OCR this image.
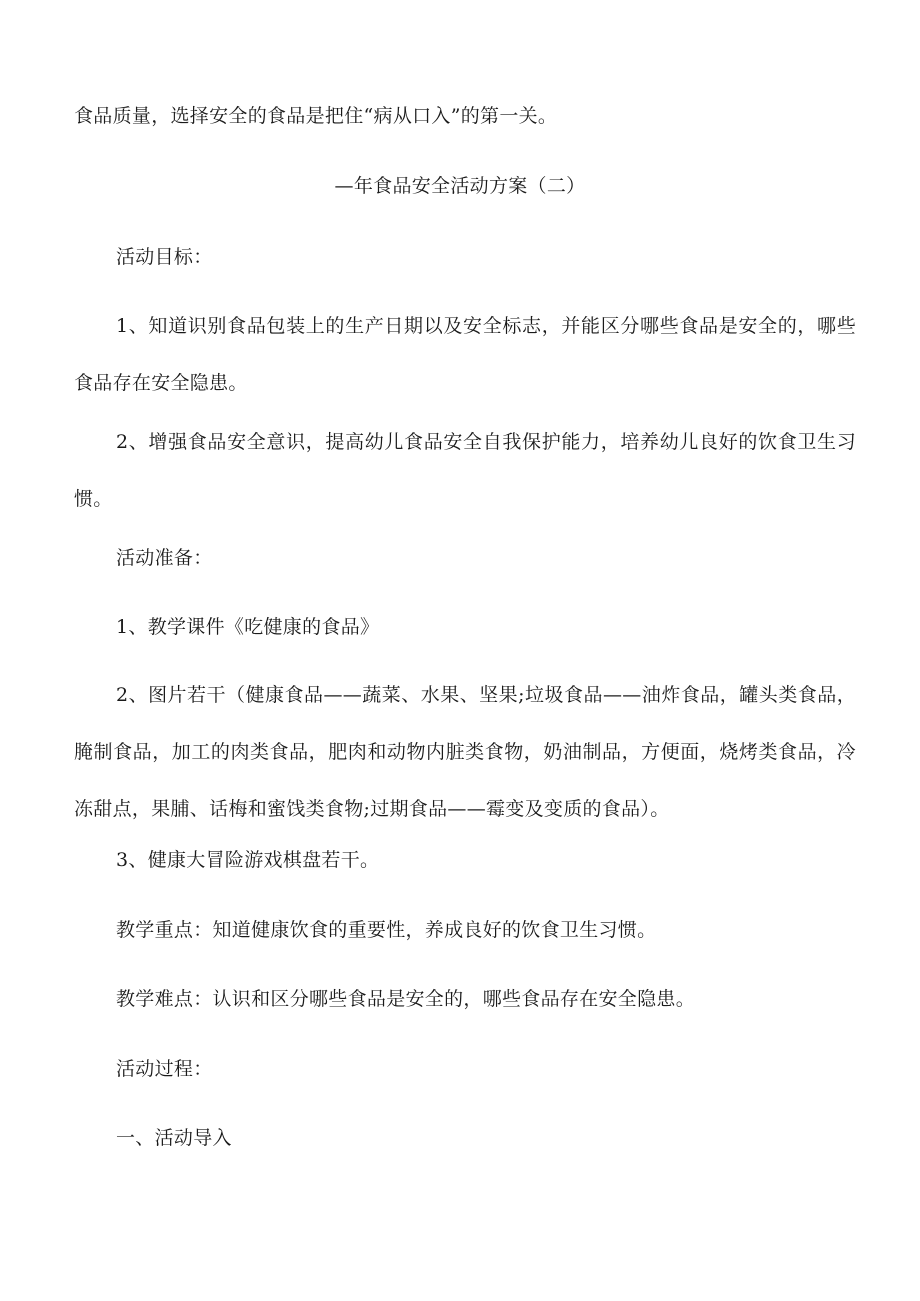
食品质量，选择安全的食品是把住“病从口入”的第一关。

—年食品安全活动方案（二）

活动目标：

1、知道识别食品包装上的生产日期以及安全标志，并能区分哪些食品是安全的，哪些食品存在安全隐患。

2、增强食品安全意识，提高幼儿食品安全自我保护能力，培养幼儿良好的饮食卫生习惯。

活动准备：

1、教学课件《吃健康的食品》

2、图片若干（健康食品——蔬菜、水果、坚果;垃圾食品——油炸食品，罐头类食品，腌制食品，加工的肉类食品，肥肉和动物内脏类食物，奶油制品，方便面，烧烤类食品，冷冻甜点，果脯、话梅和蜜饯类食物;过期食品——霉变及变质的食品）。

3、健康大冒险游戏棋盘若干。

教学重点：知道健康饮食的重要性，养成良好的饮食卫生习惯。

教学难点：认识和区分哪些食品是安全的，哪些食品存在安全隐患。

活动过程：

一、活动导入
